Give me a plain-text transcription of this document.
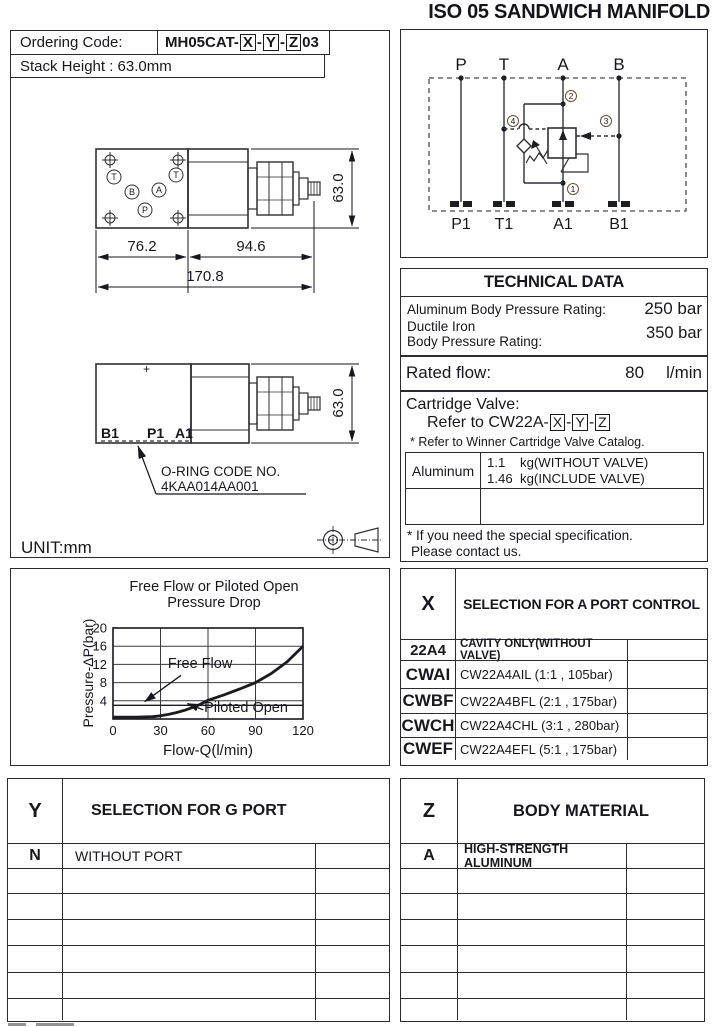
ISO 05 SANDWICH MANIFOLD
T	T
B A
P
76.2	94.6
170.8
63.0
+
B1 P1 A1
O-RING CODE NO.
4KAA014AA001
63.0
UNIT:mm
Ordering Code:	MH05CAT- X - Y - Z 03
Stack Height : 63.0mm	P T	A	B
2
4	3
1
P1 T1 A1 B1
TECHNICAL DATA
Aluminum Body Pressure Rating: 250 bar
Ductile Iron
Body Pressure Rating:	350 bar
Rated flow:	80 l/min
Cartridge Valve:
Refer to CW22A- X - Y - Z
* Refer to Winner Cartridge Valve Catalog.
Aluminum 1.1    kg(WITHOUT VALVE)
1.46  kg(INCLUDE VALVE)
* If you need the special specification.
Please contact us.
Free Flow or Piloted Open
Pressure Drop
Pressure-ΔP(bar)
Flow-Q(l/min)
0	30	60	90 120
4
8
12
16
20
Free Flow
Piloted Open
X	SELECTION FOR A PORT CONTROL
22A4	CAVITY ONLY(WITHOUT VALVE)
CWAI CW22A4AIL (1:1 , 105bar)
CWBF CW22A4BFL (2:1 , 175bar)
CWCH CW22A4CHL (3:1 , 280bar)
CWEF CW22A4EFL (5:1 , 175bar)
Y	SELECTION FOR G PORT
N	WITHOUT PORT
Z	BODY MATERIAL
A	HIGH-STRENGTH ALUMINUM
